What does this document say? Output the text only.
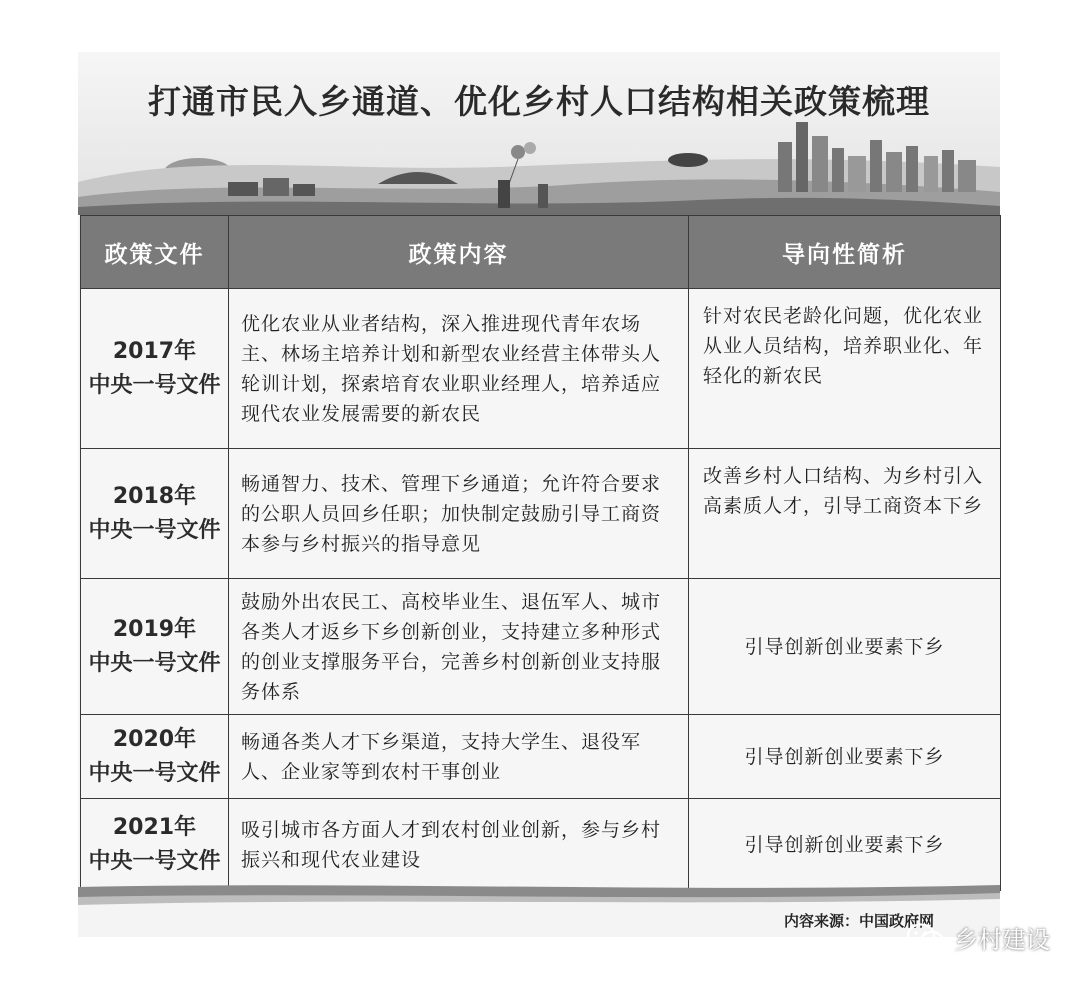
打通市民入乡通道、优化乡村人口结构相关政策梳理
政策文件	政策内容	导向性简析

2017年
中央一号文件	优化农业从业者结构，深入推进现代青年农场主、林场主培养计划和新型农业经营主体带头人轮训计划，探索培育农业职业经理人，培养适应现代农业发展需要的新农民	针对农民老龄化问题，优化农业从业人员结构，培养职业化、年轻化的新农民

2018年
中央一号文件	畅通智力、技术、管理下乡通道；允许符合要求的公职人员回乡任职；加快制定鼓励引导工商资本参与乡村振兴的指导意见	改善乡村人口结构、为乡村引入高素质人才，引导工商资本下乡

2019年
中央一号文件	鼓励外出农民工、高校毕业生、退伍军人、城市各类人才返乡下乡创新创业，支持建立多种形式的创业支撑服务平台，完善乡村创新创业支持服务体系	引导创新创业要素下乡

2020年
中央一号文件	畅通各类人才下乡渠道，支持大学生、退役军人、企业家等到农村干事创业	引导创新创业要素下乡

2021年
中央一号文件	吸引城市各方面人才到农村创业创新，参与乡村振兴和现代农业建设	引导创新创业要素下乡
内容来源：中国政府网
乡村建设
